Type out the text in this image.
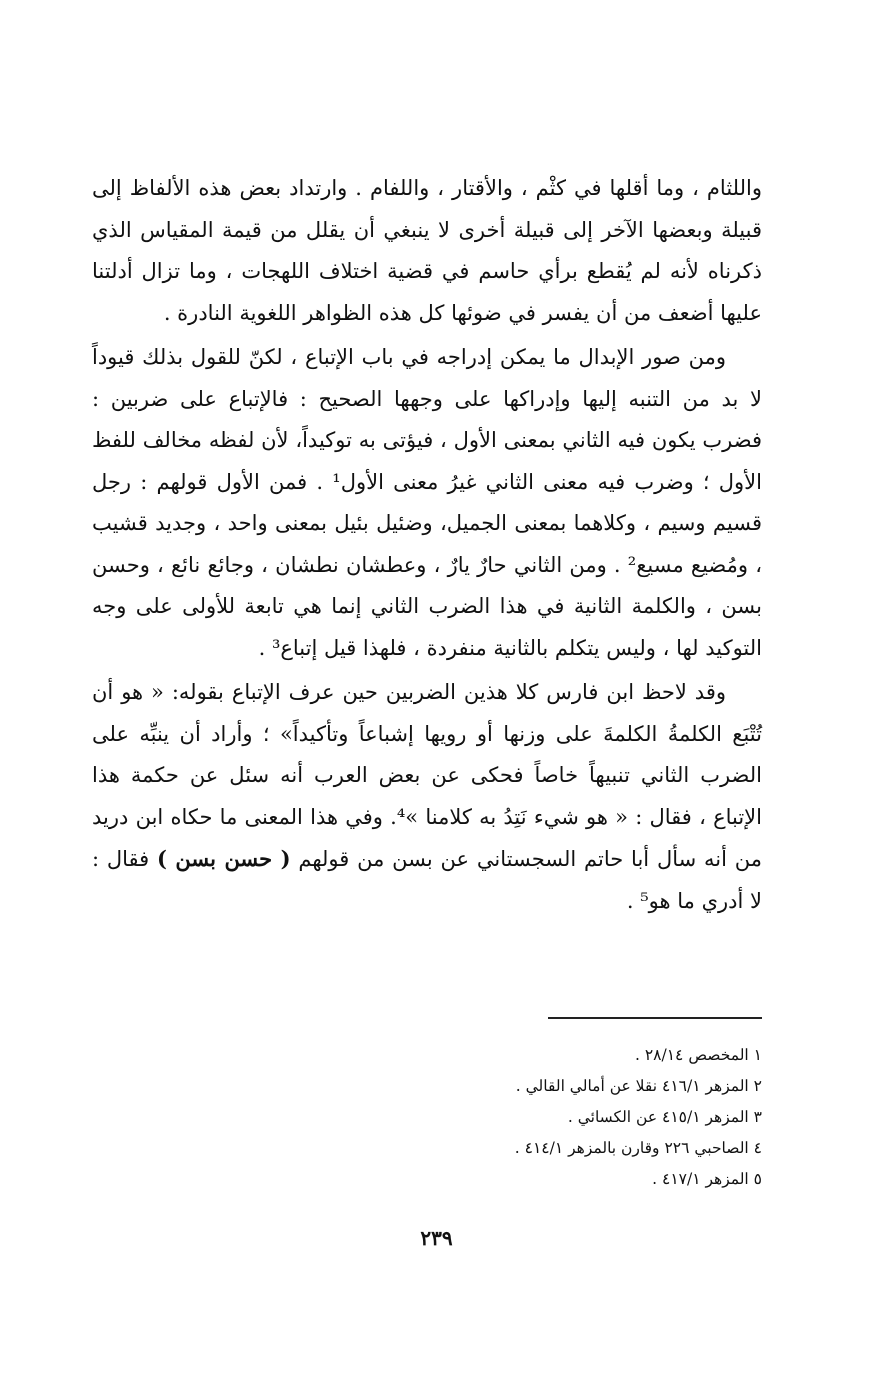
واللثام ، وما أقلها في كثْم ، والأقتار ، واللفام . وارتداد بعض هذه الألفاظ إلى قبيلة وبعضها الآخر إلى قبيلة أخرى لا ينبغي أن يقلل من قيمة المقياس الذي ذكرناه لأنه لم يُقطع برأي حاسم في قضية اختلاف اللهجات ، وما تزال أدلتنا عليها أضعف من أن يفسر في ضوئها كل هذه الظواهر اللغوية النادرة .

ومن صور الإبدال ما يمكن إدراجه في باب الإتباع ، لكنّ للقول بذلك قيوداً لا بد من التنبه إليها وإدراكها على وجهها الصحيح : فالإتباع على ضربين : فضرب يكون فيه الثاني بمعنى الأول ، فيؤتى به توكيداً، لأن لفظه مخالف للفظ الأول ؛ وضرب فيه معنى الثاني غيرُ معنى الأول¹ . فمن الأول قولهم : رجل قسيم وسيم ، وكلاهما بمعنى الجميل، وضئيل بئيل بمعنى واحد ، وجديد قشيب ، ومُضيع مسيع² . ومن الثاني حارٌ يارٌ ، وعطشان نطشان ، وجائع نائع ، وحسن بسن ، والكلمة الثانية في هذا الضرب الثاني إنما هي تابعة للأولى على وجه التوكيد لها ، وليس يتكلم بالثانية منفردة ، فلهذا قيل إتباع³ .

وقد لاحظ ابن فارس كلا هذين الضربين حين عرف الإتباع بقوله: « هو أن تُتْبَع الكلمةُ الكلمةَ على وزنها أو رويها إشباعاً وتأكيداً» ؛ وأراد أن ينبِّه على الضرب الثاني تنبيهاً خاصاً فحكى عن بعض العرب أنه سئل عن حكمة هذا الإتباع ، فقال : « هو شيء نَتِدُ به كلامنا »⁴. وفي هذا المعنى ما حكاه ابن دريد من أنه سأل أبا حاتم السجستاني عن بسن من قولهم ( حسن بسن ) فقال : لا أدري ما هو⁵ .

١ المخصص ٢٨/١٤ .
٢ المزهر ٤١٦/١ نقلا عن أمالي القالي .
٣ المزهر ٤١٥/١ عن الكسائي .
٤ الصاحبي ٢٢٦ وقارن بالمزهر ٤١٤/١ .
٥ المزهر ٤١٧/١ .
٢٣٩
